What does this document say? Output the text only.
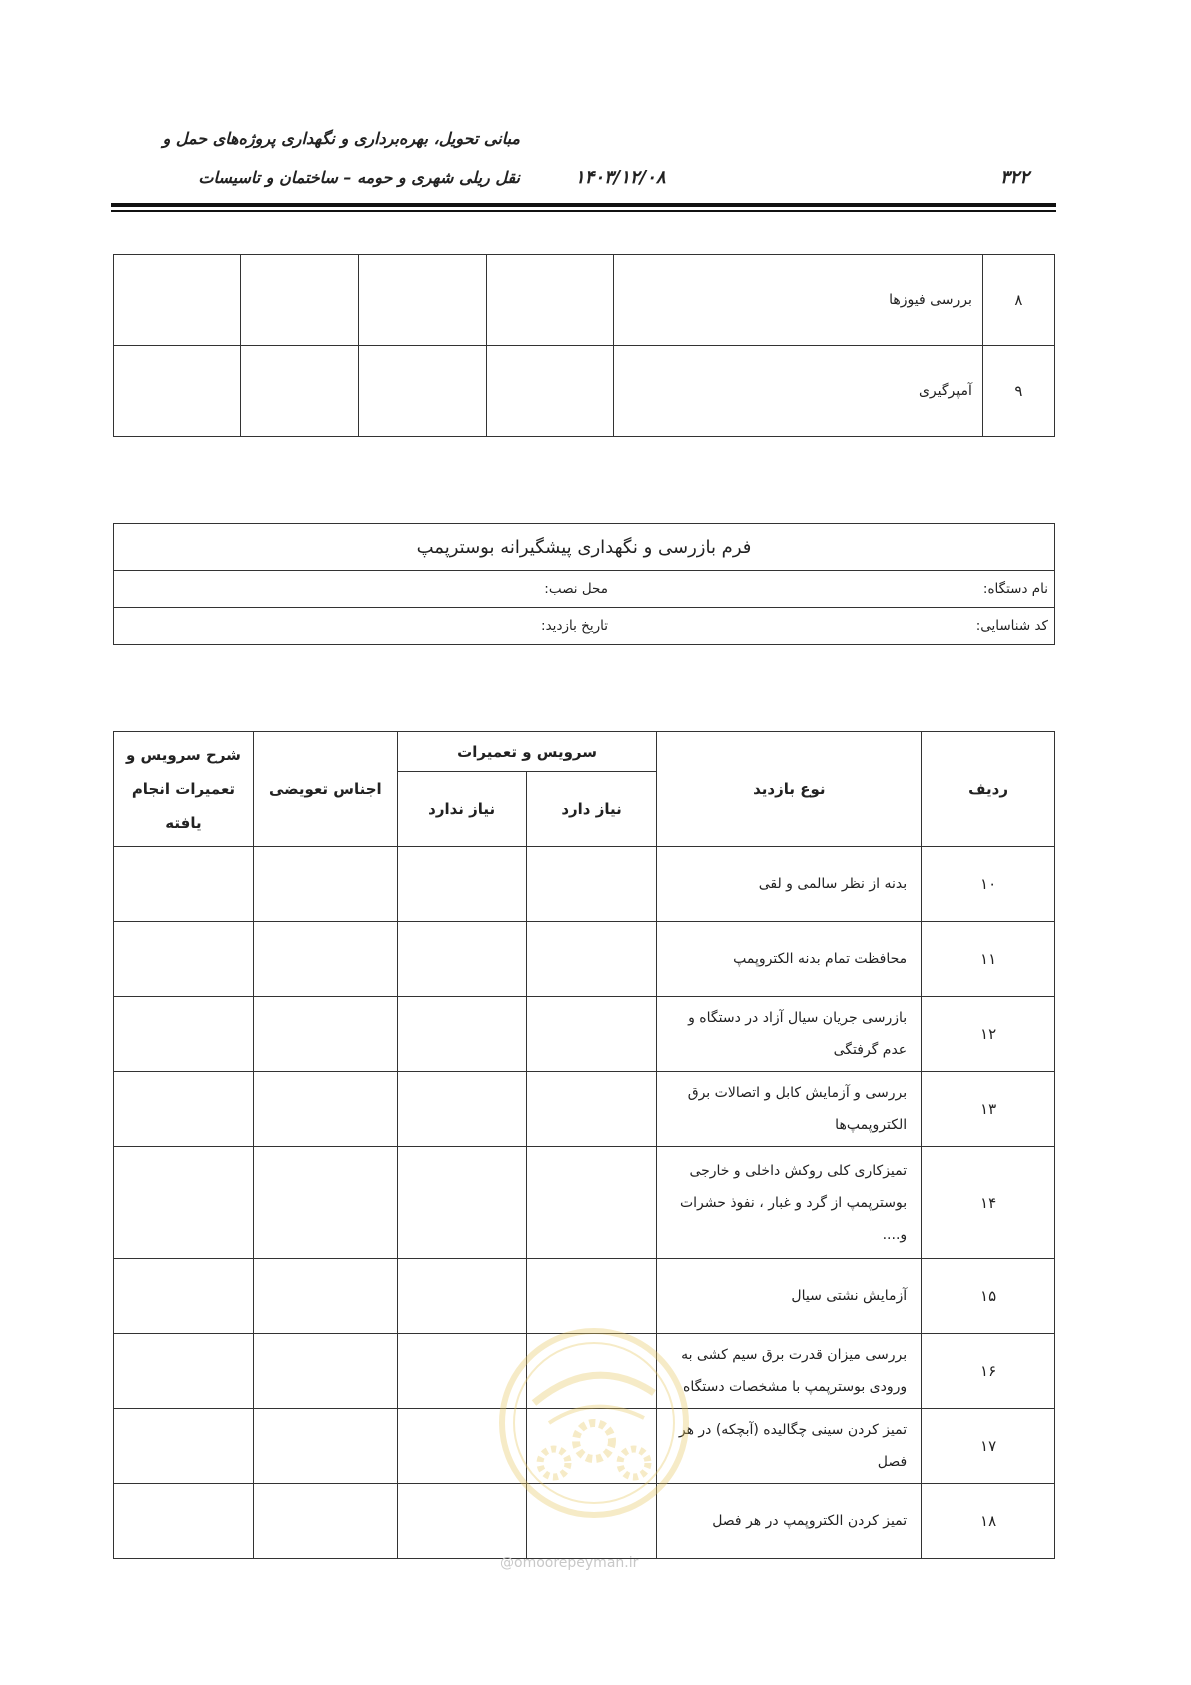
مبانی تحویل، بهره‌برداری و نگهداری پروژه‌های حمل و
نقل ریلی شهری و حومه – ساختمان و تاسیسات	۱۴۰۳/۱۲/۰۸	۳۲۲
۸	بررسی فیوزها				
۹	آمپرگیری				
فرم بازرسی و نگهداری پیشگیرانه بوسترپمپ
نام دستگاه:محل نصب:
کد شناسایی:تاریخ بازدید:
ردیف	نوع بازدید	سرویس و تعمیرات		اجناس تعویضی	شرح سرویس و تعمیرات انجام یافته
		نیاز دارد	نیاز ندارد		
۱۰	بدنه از نظر سالمی و لقی				
۱۱	محافظت تمام بدنه الکتروپمپ				
۱۲	بازرسی جریان سیال آزاد در دستگاه و عدم گرفتگی				
۱۳	بررسی و آزمایش کابل و اتصالات برق الکتروپمپ‌ها				
۱۴	تمیزکاری کلی روکش داخلی و خارجی بوسترپمپ از گرد و غبار ، نفوذ حشرات و....				
۱۵	آزمایش نشتی سیال				
۱۶	بررسی میزان قدرت برق سیم کشی به ورودی بوسترپمپ با مشخصات دستگاه				
۱۷	تمیز کردن سینی چگالیده (آبچکه) در هر فصل				
۱۸	تمیز کردن الکتروپمپ در هر فصل				
@omoorepeyman.ir
